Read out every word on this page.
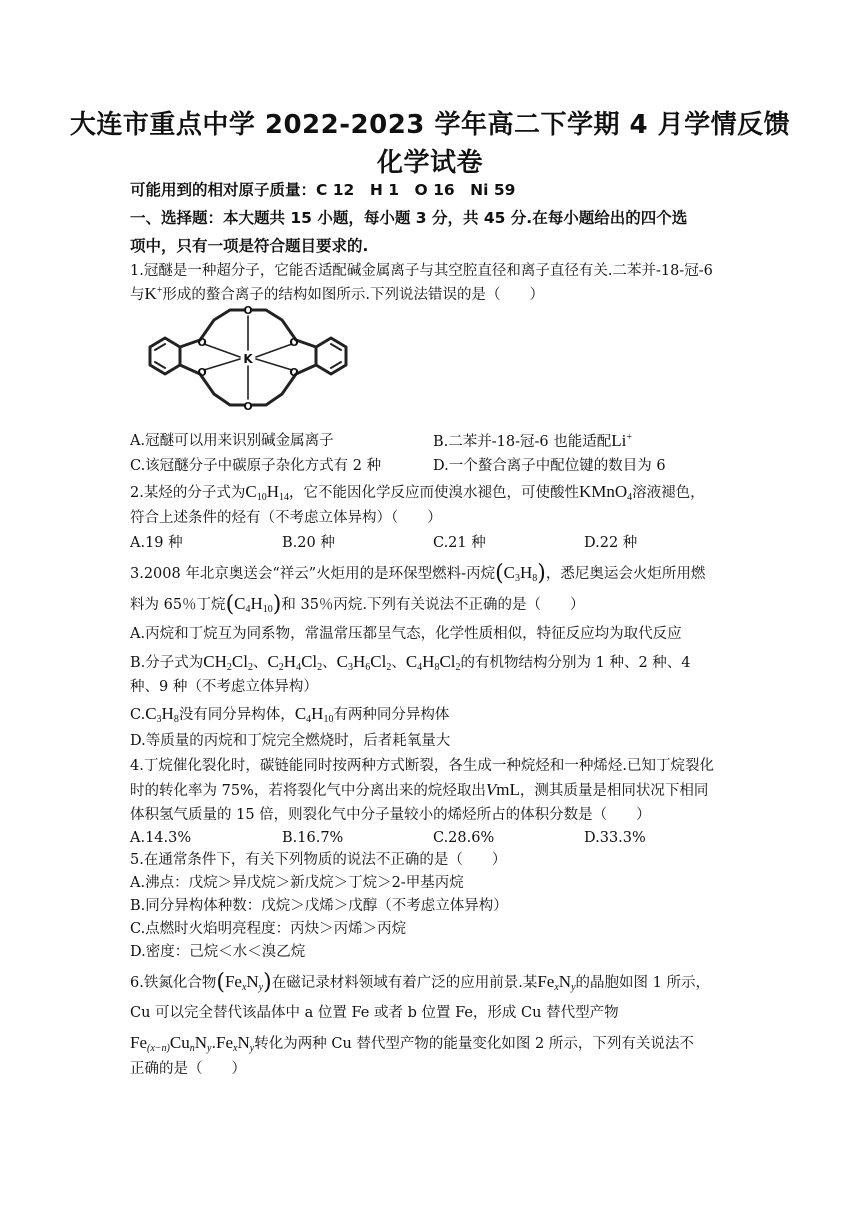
大连市重点中学 2022-2023 学年高二下学期 4 月学情反馈
化学试卷
可能用到的相对原子质量：C 12　H 1　O 16　Ni 59
一、选择题：本大题共 15 小题，每小题 3 分，共 45 分.在每小题给出的四个选
项中，只有一项是符合题目要求的.
1.冠醚是一种超分子，它能否适配碱金属离子与其空腔直径和离子直径有关.二苯并-18-冠-6
与K+形成的螯合离子的结构如图所示.下列说法错误的是（　　）
O
O
O
O
O
O
K
A.冠醚可以用来识别碱金属离子	B.二苯并-18-冠-6 也能适配Li+
C.该冠醚分子中碳原子杂化方式有 2 种	D.一个螯合离子中配位键的数目为 6
2.某烃的分子式为$C_{10}H_{14}$，它不能因化学反应而使溴水褪色，可使酸性KMnO$_4$溶液褪色，
符合上述条件的烃有（不考虑立体异构）（　　）
A.19 种	B.20 种	C.21 种	D.22 种
3.2008 年北京奥送会“祥云”火炬用的是环保型燃料-丙烷$(C_3H_8)$，悉尼奥运会火炬所用燃
料为 65％丁烷$(C_4H_{10})$和 35％丙烷.下列有关说法不正确的是（　　）
A.丙烷和丁烷互为同系物，常温常压都呈气态，化学性质相似，特征反应均为取代反应
B.分子式为$CH_2Cl_2$、$C_2H_4Cl_2$、$C_3H_6Cl_2$、$C_4H_8Cl_2$的有机物结构分别为 1 种、2 种、4
种、9 种（不考虑立体异构）
$C.C_3H_8$没有同分异构体，$C_4H_{10}$有两种同分异构体
D.等质量的丙烷和丁烷完全燃烧时，后者耗氧量大
4.丁烷催化裂化时，碳链能同时按两种方式断裂，各生成一种烷烃和一种烯烃.已知丁烷裂化
时的转化率为 75%，若将裂化气中分离出来的烷烃取出VmL，测其质量是相同状况下相同
体积氢气质量的 15 倍，则裂化气中分子量较小的烯烃所占的体积分数是（　　）
A.14.3%	B.16.7%	C.28.6%	D.33.3%
5.在通常条件下，有关下列物质的说法不正确的是（　　）
A.沸点：戊烷＞异戊烷＞新戊烷＞丁烷＞2-甲基丙烷
B.同分异构体种数：戊烷＞戊烯＞戊醇（不考虑立体异构）
C.点燃时火焰明亮程度：丙炔＞丙烯＞丙烷
D.密度：己烷＜水＜溴乙烷
6.铁氮化合物$(Fe_xN_y)$在磁记录材料领域有着广泛的应用前景.某$Fe_xN_y$的晶胞如图 1 所示，
Cu 可以完全替代该晶体中 a 位置 Fe 或者 b 位置 Fe，形成 Cu 替代型产物
$Fe_{(x-n)}Cu_nN_y.Fe_xN_y$转化为两种 Cu 替代型产物的能量变化如图 2 所示，下列有关说法不
正确的是（　　）
